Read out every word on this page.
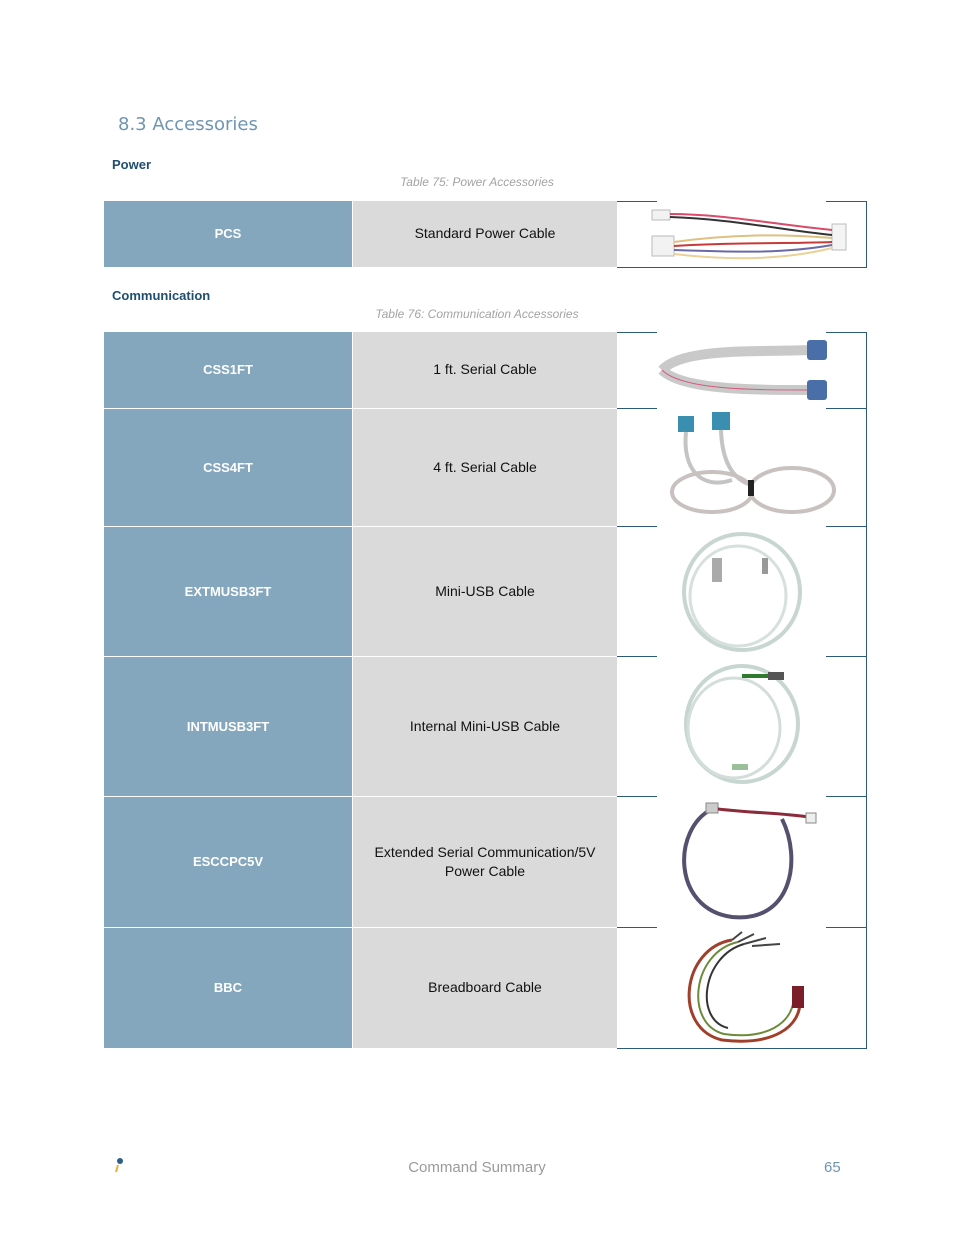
8.3 Accessories
Power
Table 75: Power Accessories
PCS	Standard Power Cable	
Communication
Table 76: Communication Accessories
CSS1FT	1 ft. Serial Cable	

CSS4FT	4 ft. Serial Cable	

EXTMUSB3FT	Mini-USB Cable	

INTMUSB3FT	Internal Mini-USB Cable	

ESCCPC5V	Extended Serial Communication/5V Power Cable	

BBC	Breadboard Cable	
Command Summary	65
